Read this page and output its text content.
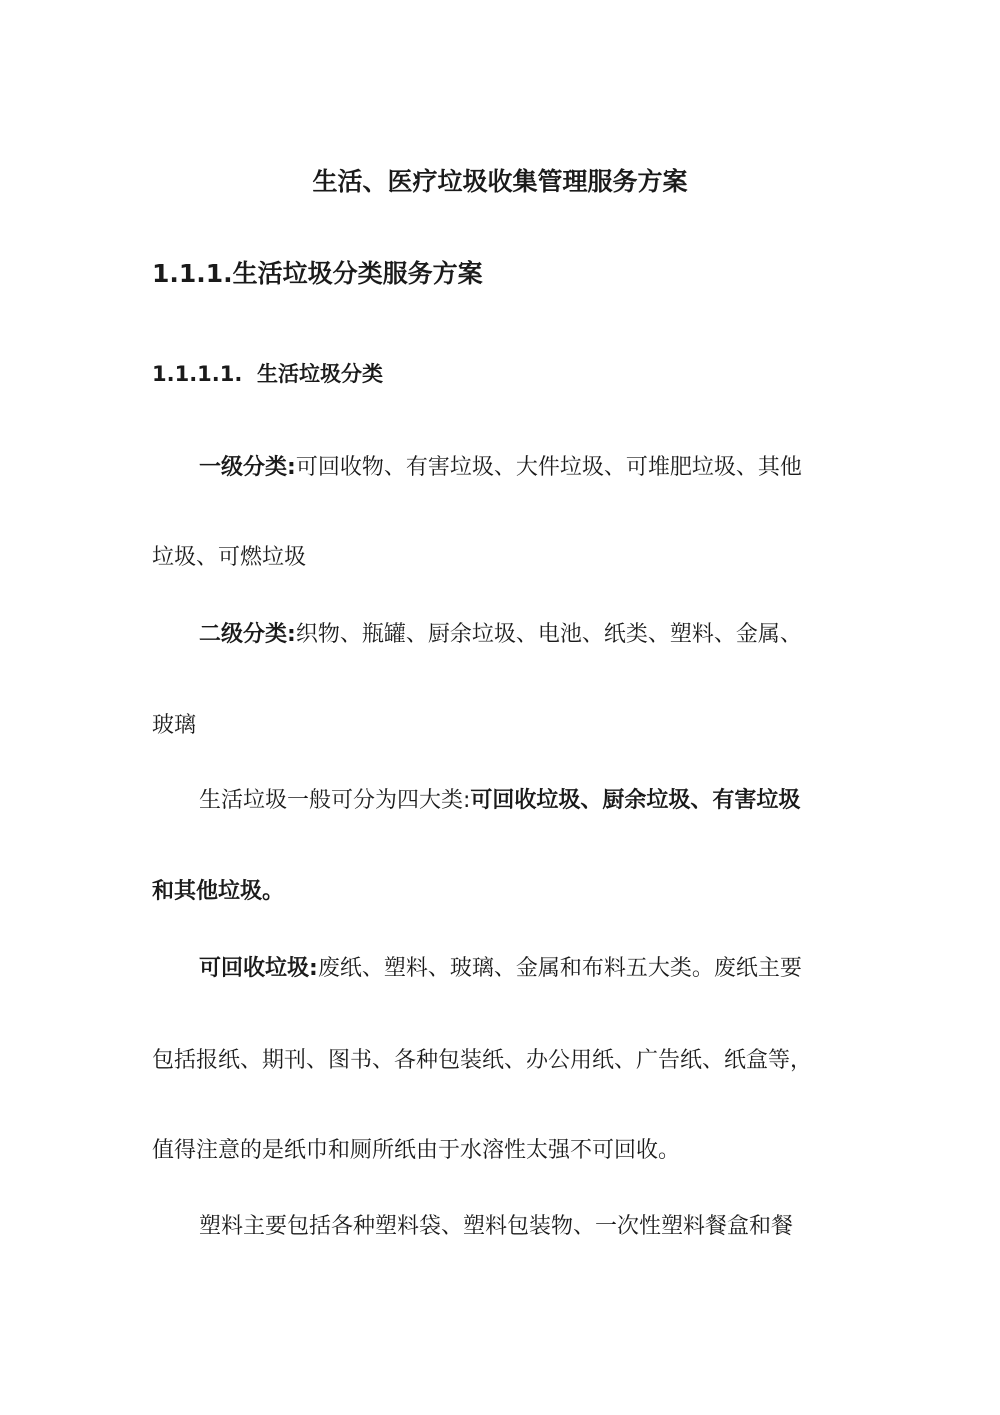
生活、医疗垃圾收集管理服务方案
1.1.1.生活垃圾分类服务方案
1.1.1.1. 生活垃圾分类
一级分类:可回收物、有害垃圾、大件垃圾、可堆肥垃圾、其他
垃圾、可燃垃圾
二级分类:织物、瓶罐、厨余垃圾、电池、纸类、塑料、金属、
玻璃
生活垃圾一般可分为四大类:可回收垃圾、厨余垃圾、有害垃圾
和其他垃圾。
可回收垃圾:废纸、塑料、玻璃、金属和布料五大类。废纸主要
包括报纸、期刊、图书、各种包装纸、办公用纸、广告纸、纸盒等，
值得注意的是纸巾和厕所纸由于水溶性太强不可回收。
塑料主要包括各种塑料袋、塑料包装物、一次性塑料餐盒和餐
